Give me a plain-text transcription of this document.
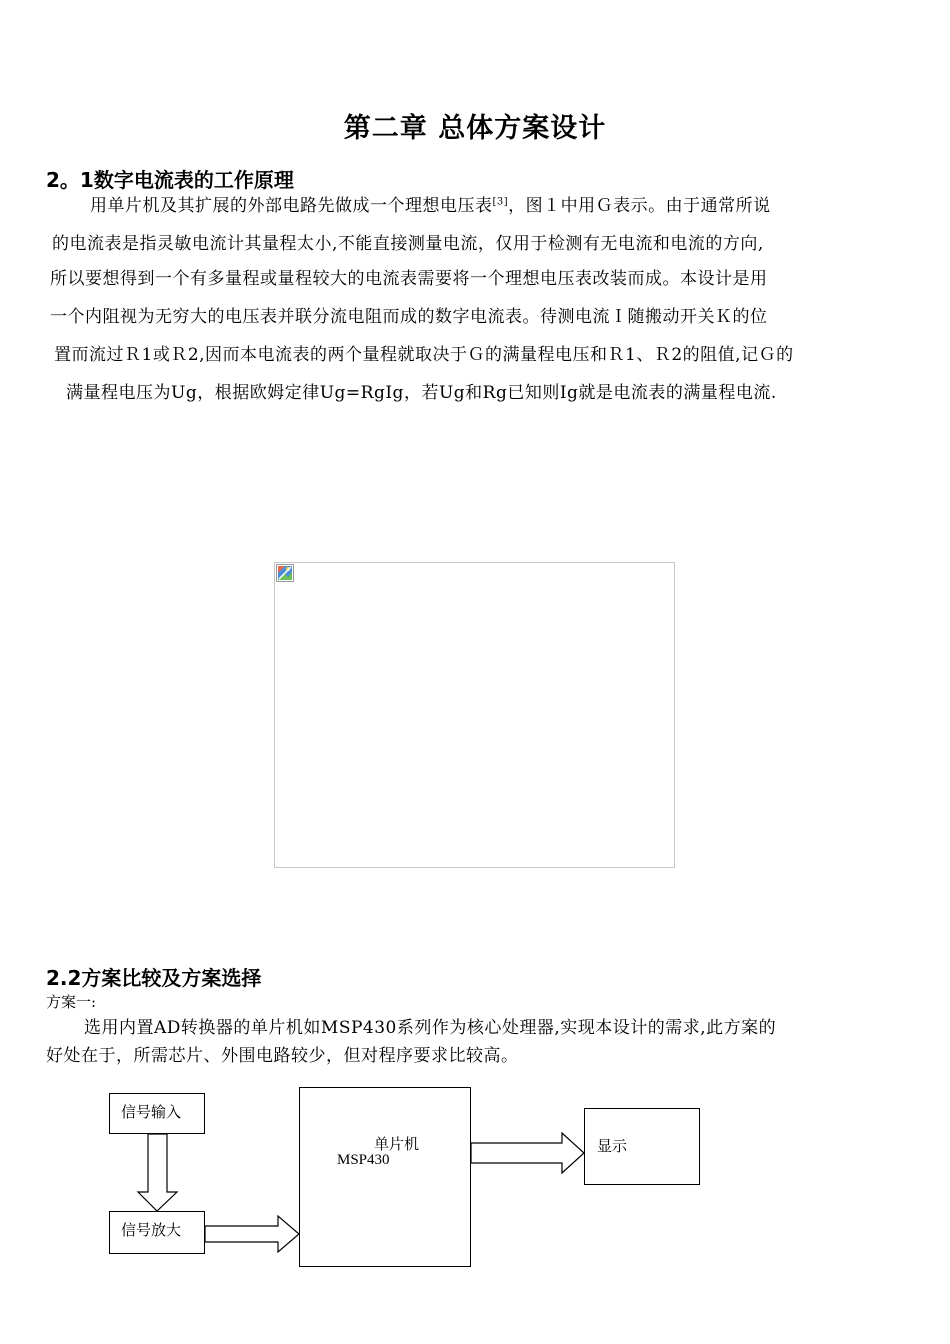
第二章 总体方案设计
2。1数字电流表的工作原理
用单片机及其扩展的外部电路先做成一个理想电压表[3]，图１中用Ｇ表示。由于通常所说
的电流表是指灵敏电流计其量程太小,不能直接测量电流，仅用于检测有无电流和电流的方向,
所以要想得到一个有多量程或量程较大的电流表需要将一个理想电压表改装而成。本设计是用
一个内阻视为无穷大的电压表并联分流电阻而成的数字电流表。待测电流Ｉ随搬动开关Ｋ的位
置而流过Ｒ1或Ｒ2,因而本电流表的两个量程就取决于Ｇ的满量程电压和Ｒ1、Ｒ2的阻值,记Ｇ的
满量程电压为Ug，根据欧姆定律Ug=RgIg，若Ug和Rg已知则Ig就是电流表的满量程电流.
2.2方案比较及方案选择
方案一:
选用内置AD转换器的单片机如MSP430系列作为核心处理器,实现本设计的需求,此方案的
好处在于，所需芯片、外围电路较少，但对程序要求比较高。
信号输入
信号放大
单片机
MSP430
显示
